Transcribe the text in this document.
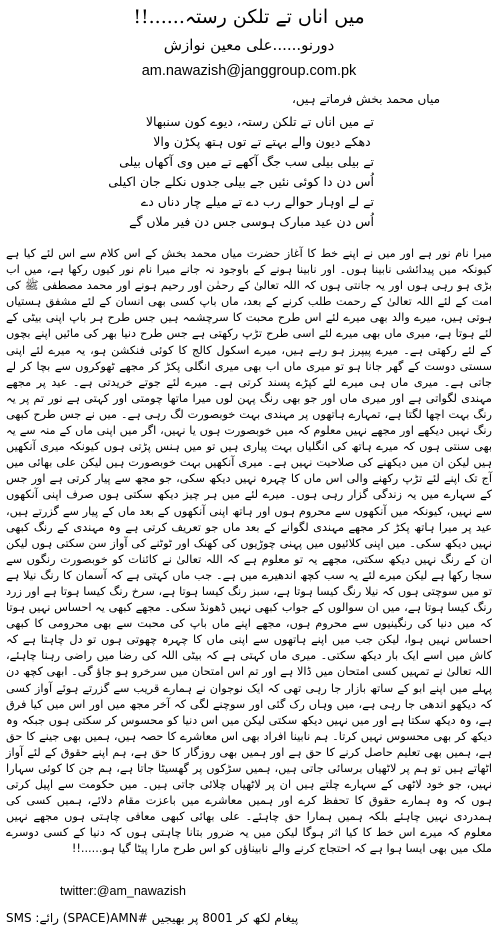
میں اناں تے تلکن رستہ......!!
دورنو......علی معین نوازش
am.nawazish@janggroup.com.pk
میاں محمد بخش فرماتے ہیں،
تے میں اناں تے تلکن رستہ، دیوے کون سنبھالا
دھکے دیون والے بہتے تے توں ہتھ پکڑن والا
تے بیلی بیلی سب جگ آکھے تے میں وی آکھاں بیلی
اُس دن دا کوئی نئیں جے بیلی جدوں نکلے جان اکیلی
تے لے اوہار حوالے رب دے تے میلے چار دناں دے
اُس دن عید مبارک ہوسی جس دن فیر ملاں گے
میرا نام نور ہے اور میں نے اپنے خط کا آغاز حضرت میاں محمد بخش کے اس کلام سے اس لئے کیا ہے کیونکہ میں پیدائشی نابینا ہوں۔ اور نابینا ہونے کے باوجود نہ جانے میرا نام نور کیوں رکھا ہے، میں اب بڑی ہو رہی ہوں اور یہ جانتی ہوں کہ اللہ تعالیٰ کے رحمٰن اور رحیم ہونے اور محمد مصطفی ﷺ کی امت کے لئے اللہ تعالیٰ کے رحمت طلب کرنے کے بعد، ماں باپ کسی بھی انسان کے لئے مشفق ہستیاں ہوتی ہیں، میرے والد بھی میرے لئے اس طرح محبت کا سرچشمہ ہیں جس طرح ہر باپ اپنی بیٹی کے لئے ہوتا ہے، میری ماں بھی میرے لئے اسی طرح تڑپ رکھتی ہے جس طرح دنیا بھر کی مائیں اپنے بچوں کے لئے رکھتی ہے۔ میرے پیپرز ہو رہے ہیں، میرے اسکول کالج کا کوئی فنکشن ہو، یہ میرے لئے اپنی سستی دوست کے گھر جانا ہو تو میری ماں اب بھی میری انگلی پکڑ کر مجھے ٹھوکروں سے بچا کر لے جاتی ہے۔ میری ماں ہی میرے لئے کپڑے پسند کرتی ہے۔ میرے لئے جوتے خریدتی ہے۔ عید پر مجھے مہندی لگواتی ہے اور میری ماں اور جو بھی رنگ پہن لوں میرا ماتھا چومتی اور کہتی ہے نور تم پر یہ رنگ بہت اچھا لگتا ہے، تمہارے ہاتھوں پر مہندی بہت خوبصورت لگ رہی ہے۔ میں نے جس طرح کبھی رنگ نہیں دیکھے اور مجھے نہیں معلوم کہ میں خوبصورت ہوں یا نہیں، اگر میں اپنی ماں کے منہ سے یہ بھی سنتی ہوں کہ میرے ہاتھ کی انگلیاں بہت پیاری ہیں تو میں ہنس پڑتی ہوں کیونکہ میری آنکھیں ہیں لیکن ان میں دیکھنے کی صلاحیت نہیں ہے۔ میری آنکھیں بہت خوبصورت ہیں لیکن علی بھائی میں آج تک اپنے لئے تڑپ رکھنے والی اس ماں کا چہرہ نہیں دیکھ سکی، جو مجھ سے پیار کرتی ہے اور جس کے سہارے میں یہ زندگی گزار رہی ہوں۔ میرے لئے میں ہر چیز دیکھ سکتی ہوں صرف اپنی آنکھوں سے نہیں، کیونکہ میں آنکھوں سے محروم ہوں اور ہاتھ اپنی آنکھوں کے بعد ماں کے پیار سے گزرتے ہیں، عید پر میرا ہاتھ پکڑ کر مجھے مہندی لگوانے کے بعد ماں جو تعریف کرتی ہے وہ مہندی کے رنگ کبھی نہیں دیکھ سکی۔ میں اپنی کلائیوں میں پہنی چوڑیوں کی کھنک اور ٹوٹنے کی آواز سن سکتی ہوں لیکن ان کے رنگ نہیں دیکھ سکتی، مجھے یہ تو معلوم ہے کہ اللہ تعالیٰ نے کائنات کو خوبصورت رنگوں سے سجا رکھا ہے لیکن میرے لئے یہ سب کچھ اندھیرے میں ہے۔ جب ماں کہتی ہے کہ آسمان کا رنگ نیلا ہے تو میں سوچتی ہوں کہ نیلا رنگ کیسا ہوتا ہے، سبز رنگ کیسا ہوتا ہے، سرخ رنگ کیسا ہوتا ہے اور زرد رنگ کیسا ہوتا ہے، میں ان سوالوں کے جواب کبھی نہیں ڈھونڈ سکی۔ مجھے کبھی یہ احساس نہیں ہوتا کہ میں دنیا کی رنگینیوں سے محروم ہوں، مجھے اپنے ماں باپ کی محبت سے بھی محرومی کا کبھی احساس نہیں ہوا، لیکن جب میں اپنے ہاتھوں سے اپنی ماں کا چہرہ چھوتی ہوں تو دل چاہتا ہے کہ کاش میں اسے ایک بار دیکھ سکتی۔ میری ماں کہتی ہے کہ بیٹی اللہ کی رضا میں راضی رہنا چاہئے، اللہ تعالیٰ نے تمہیں کسی امتحان میں ڈالا ہے اور تم اس امتحان میں سرخرو ہو جاؤ گی۔ ابھی کچھ دن پہلے میں اپنے ابو کے ساتھ بازار جا رہی تھی کہ ایک نوجوان نے ہمارے قریب سے گزرتے ہوئے آواز کسی کہ دیکھو اندھی جا رہی ہے، میں وہاں رک گئی اور سوچنے لگی کہ آخر مجھ میں اور اس میں کیا فرق ہے، وہ دیکھ سکتا ہے اور میں نہیں دیکھ سکتی لیکن میں اس دنیا کو محسوس کر سکتی ہوں جبکہ وہ دیکھ کر بھی محسوس نہیں کرتا۔ ہم نابینا افراد بھی اس معاشرے کا حصہ ہیں، ہمیں بھی جینے کا حق ہے، ہمیں بھی تعلیم حاصل کرنے کا حق ہے اور ہمیں بھی روزگار کا حق ہے، ہم اپنے حقوق کے لئے آواز اٹھاتے ہیں تو ہم پر لاٹھیاں برسائی جاتی ہیں، ہمیں سڑکوں پر گھسیٹا جاتا ہے، ہم جن کا کوئی سہارا نہیں، جو خود لاٹھی کے سہارے چلتے ہیں ان پر لاٹھیاں چلائی جاتی ہیں۔ میں حکومت سے اپیل کرتی ہوں کہ وہ ہمارے حقوق کا تحفظ کرے اور ہمیں معاشرے میں باعزت مقام دلائے، ہمیں کسی کی ہمدردی نہیں چاہئے بلکہ ہمیں ہمارا حق چاہئے۔ علی بھائی کبھی معافی چاہتی ہوں مجھے نہیں معلوم کہ میرے اس خط کا کیا اثر ہوگا لیکن میں یہ ضرور بتانا چاہتی ہوں کہ دنیا کے کسی دوسرے ملک میں بھی ایسا ہوا ہے کہ احتجاج کرنے والے نابیناؤں کو اس طرح مارا پیٹا گیا ہو......!!
twitter:@am_nawazish
SMS :رائے (SPACE)AMN# پیغام لکھ کر 8001 پر بھیجیں
